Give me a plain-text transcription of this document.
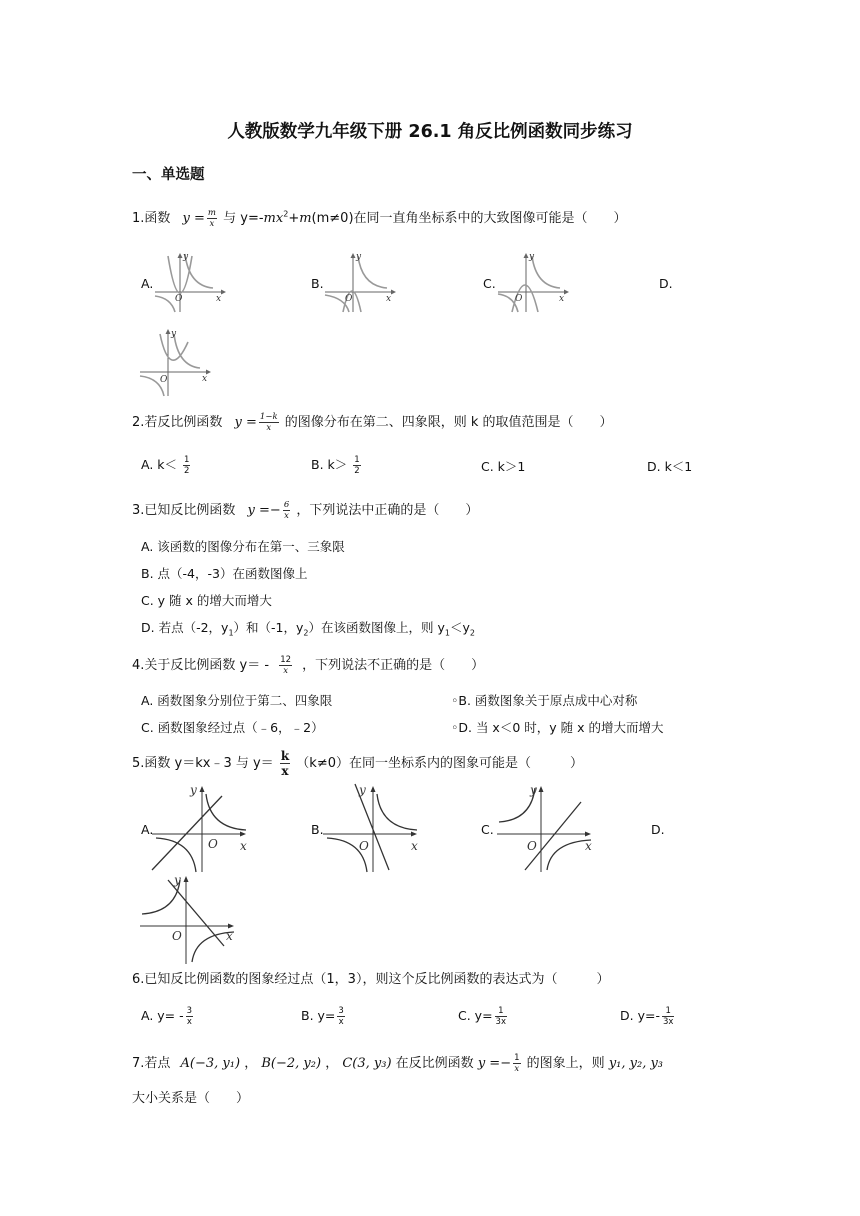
人教版数学九年级下册 26.1 角反比例函数同步练习
一、单选题
1.函数 $y = \frac{m}{x}$ 与 $y=-mx^2+m(m\ne 0)$在同一直角坐标系中的大致图像可能是（　　）
A.	B.	C.	D.
y
O	x
y
O	x
y
O	x
y
O	x
2.若反比例函数 $y = \frac{1-k}{x}$ 的图像分布在第二、四象限，则 k 的取值范围是（　　）
A. $k< \frac{1}{2}$	B. $k> \frac{1}{2}$	C. k＞1	D. k＜1
3.已知反比例函数 $y =- \frac{6}{x}$ ，下列说法中正确的是（　　）
A. 该函数的图像分布在第一、三象限
B. 点（-4，-3）在函数图像上
C. y 随 x 的增大而增大
D. 若点（-2，$y_1$）和（-1，$y_2$）在该函数图像上，则 $y_1<y_2$
4.关于反比例函数 $y= - \frac{12}{x}$ ，下列说法不正确的是（　　）
A. 函数图象分别位于第二、四象限	◦B. 函数图象关于原点成中心对称
C. 函数图象经过点（﹣6，﹣2）	◦D. 当 x＜0 时，y 随 x 的增大而增大
5.函数 y＝kx﹣3 与 $y= \frac{k}{x} (k\ne 0)$在同一坐标系内的图象可能是（　　　）
A.	B.	C.	D.
y
O x
y
O	x
y
O	x
y
O	x
6.已知反比例函数的图象经过点（1，3），则这个反比例函数的表达式为（　　　）
A. $y= - \frac{3}{x}$	B. $y= \frac{3}{x}$	C. $y= \frac{1}{3x}$	D. $y=- \frac{1}{3x}$
7.若点 A(−3, y₁) ， B(−2, y₂) ， C(3, y₃) 在反比例函数 $y =- \frac{1}{x}$ 的图象上，则 y₁, y₂, y₃
大小关系是（　　）
